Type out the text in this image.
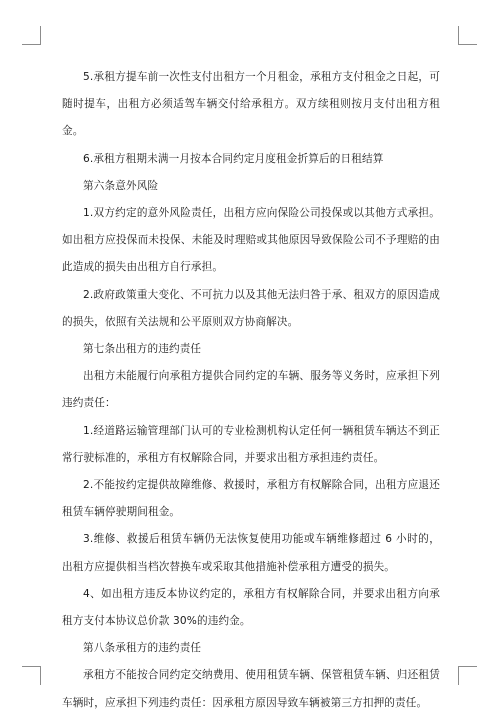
5.承租方提车前一次性支付出租方一个月租金，承租方支付租金之日起，可随时提车，出租方必须适驾车辆交付给承租方。双方续租则按月支付出租方租金。

6.承租方租期未满一月按本合同约定月度租金折算后的日租结算

第六条意外风险

1.双方约定的意外风险责任，出租方应向保险公司投保或以其他方式承担。如出租方应投保而未投保、未能及时理赔或其他原因导致保险公司不予理赔的由此造成的损失由出租方自行承担。

2.政府政策重大变化、不可抗力以及其他无法归咎于承、租双方的原因造成的损失，依照有关法规和公平原则双方协商解决。

第七条出租方的违约责任

出租方未能履行向承租方提供合同约定的车辆、服务等义务时，应承担下列违约责任：

1.经道路运输管理部门认可的专业检测机构认定任何一辆租赁车辆达不到正常行驶标准的，承租方有权解除合同，并要求出租方承担违约责任。

2.不能按约定提供故障维修、救援时，承租方有权解除合同，出租方应退还租赁车辆停驶期间租金。

3.维修、救援后租赁车辆仍无法恢复使用功能或车辆维修超过 6 小时的，出租方应提供相当档次替换车或采取其他措施补偿承租方遭受的损失。

4、如出租方违反本协议约定的，承租方有权解除合同，并要求出租方向承租方支付本协议总价款 30%的违约金。

第八条承租方的违约责任

承租方不能按合同约定交纳费用、使用租赁车辆、保管租赁车辆、归还租赁车辆时，应承担下列违约责任：因承租方原因导致车辆被第三方扣押的责任。
